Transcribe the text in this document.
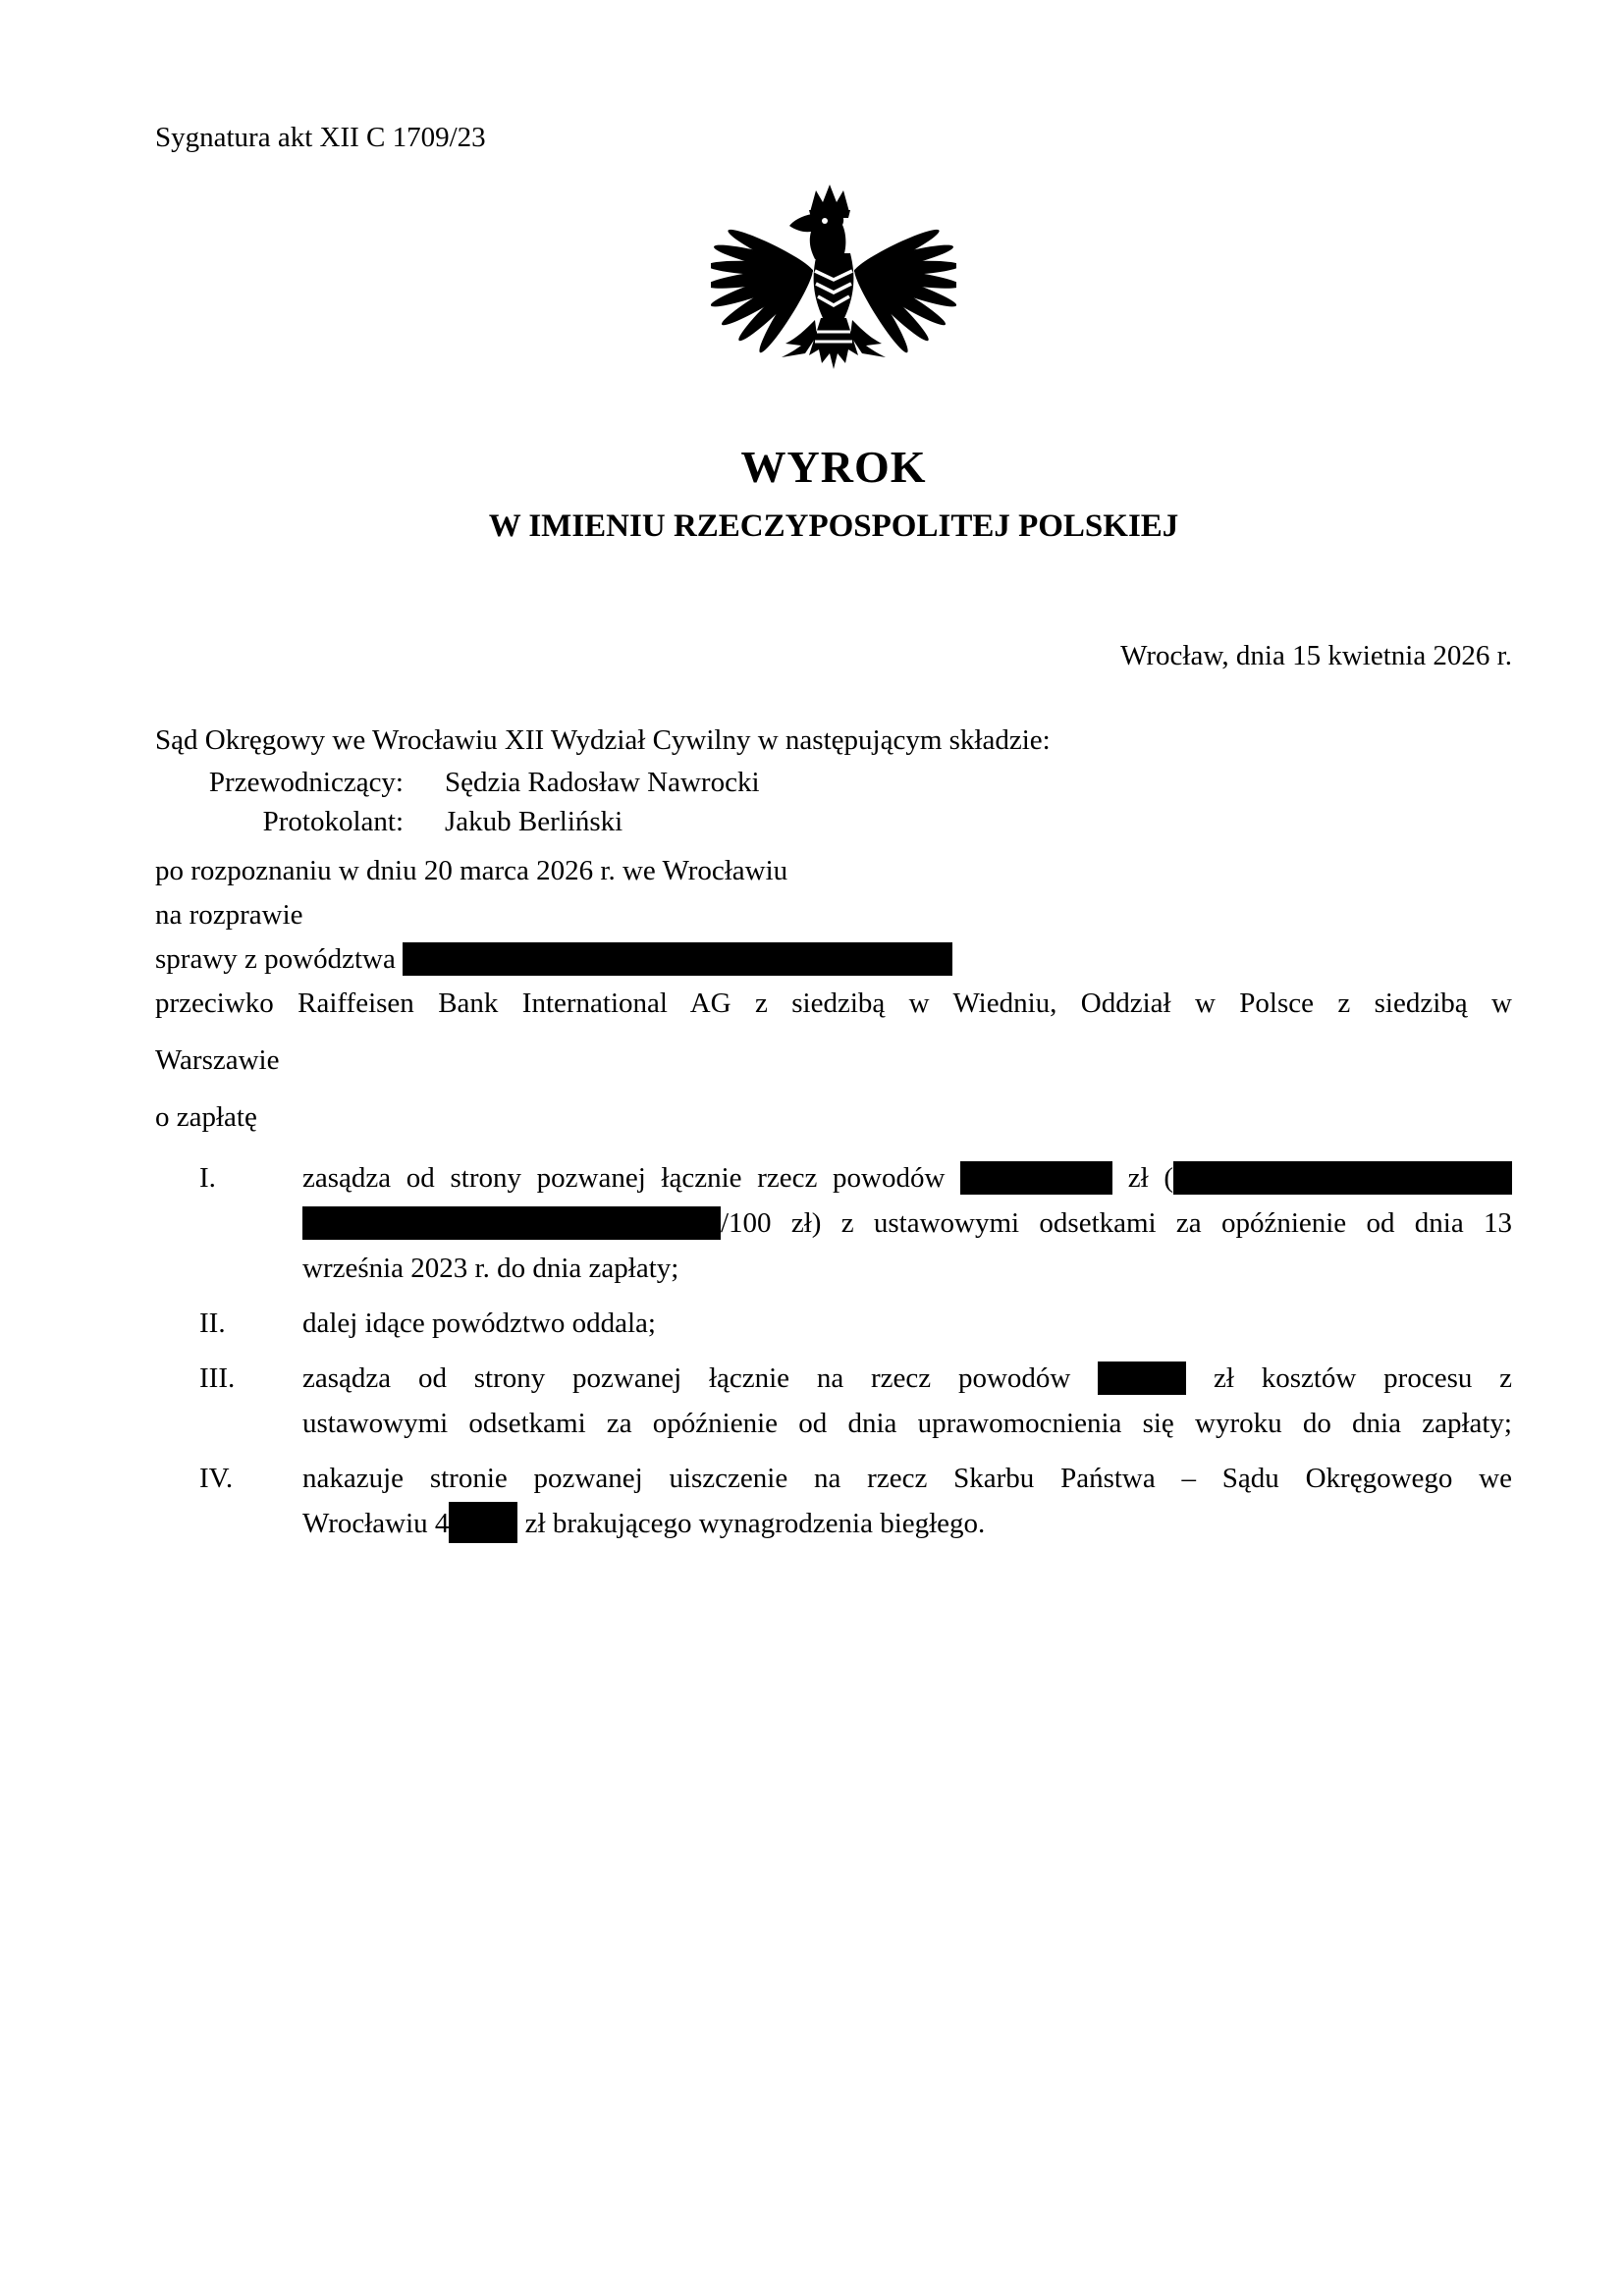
Sygnatura akt XII C 1709/23
WYROK
W IMIENIU RZECZYPOSPOLITEJ POLSKIEJ
Wrocław, dnia 15 kwietnia 2026 r.
Sąd Okręgowy we Wrocławiu XII Wydział Cywilny w następującym składzie:
Przewodniczący: Sędzia Radosław Nawrocki
Protokolant: Jakub Berliński
po rozpoznaniu w dniu 20 marca 2026 r. we Wrocławiu
na rozprawie
sprawy z powództwa
przeciwko Raiffeisen Bank International AG z siedzibą w Wiedniu, Oddział w Polsce z siedzibą w
Warszawie
o zapłatę
I.	zasądza od strony pozwanej łącznie rzecz powodów	zł (
/100 zł) z ustawowymi odsetkami za opóźnienie od dnia 13
września 2023 r. do dnia zapłaty;
II.	dalej idące powództwo oddala;
III. zasądza od strony pozwanej łącznie na rzecz powodów	zł kosztów procesu z
ustawowymi odsetkami za opóźnienie od dnia uprawomocnienia się wyroku do dnia zapłaty;
IV. nakazuje stronie pozwanej uiszczenie na rzecz Skarbu Państwa – Sądu Okręgowego we
Wrocławiu 4	zł brakującego wynagrodzenia biegłego.
